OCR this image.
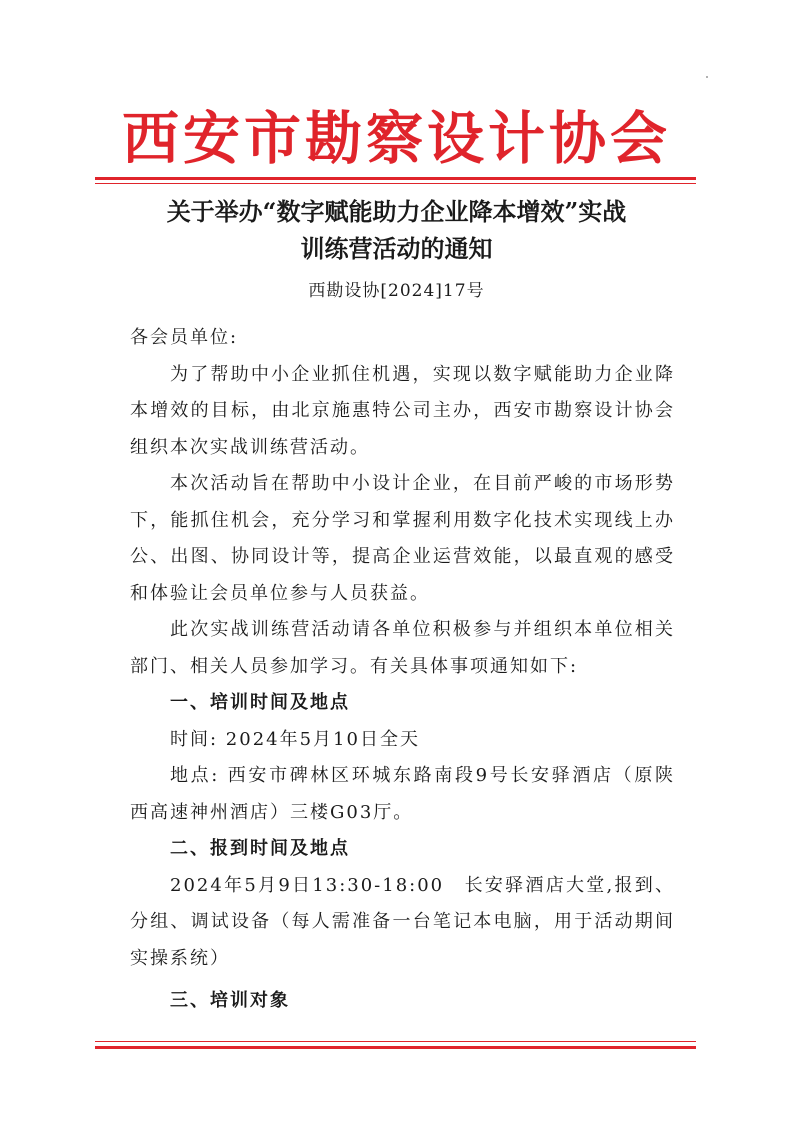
西安市勘察设计协会
关于举办“数字赋能助力企业降本增效”实战
训练营活动的通知
西勘设协[2024]17号

各会员单位:

为了帮助中小企业抓住机遇，实现以数字赋能助力企业降本增效的目标，由北京施惠特公司主办，西安市勘察设计协会组织本次实战训练营活动。

本次活动旨在帮助中小设计企业，在目前严峻的市场形势下，能抓住机会，充分学习和掌握利用数字化技术实现线上办公、出图、协同设计等，提高企业运营效能，以最直观的感受和体验让会员单位参与人员获益。

此次实战训练营活动请各单位积极参与并组织本单位相关部门、相关人员参加学习。有关具体事项通知如下:

一、培训时间及地点

时间: 2024年5月10日全天

地点: 西安市碑林区环城东路南段9号长安驿酒店（原陕西高速神州酒店）三楼G03厅。

二、报到时间及地点

2024年5月9日13:30-18:00　长安驿酒店大堂,报到、分组、调试设备（每人需准备一台笔记本电脑，用于活动期间实操系统）

三、培训对象
